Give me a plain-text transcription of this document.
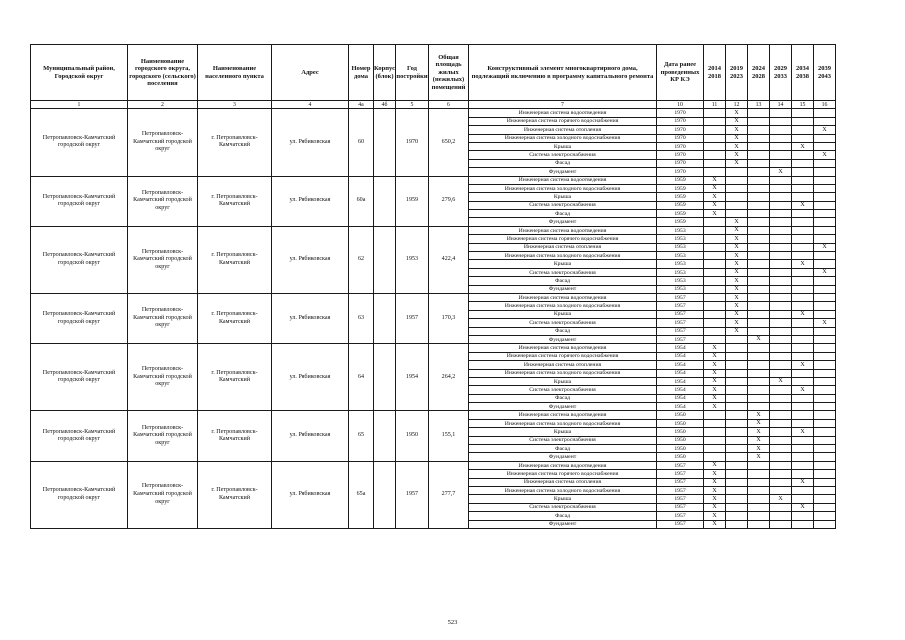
Муниципальный район, Городской округ	Наименование городского округа, городского (сельского) поселения	Наименование населенного пункта	Адрес	Номер дома	Корпус (блок)	Год постройки	Общая площадь жилых (нежилых) помещений	Конструктивный элемент многоквартирного дома, подлежащий включению в программу капитального ремонта	Дата ранее проведенных КР КЭ	2014 2018	2019 2023	2024 2028	2029 2033	2034 2038	2039 2043
1	2	3	4	4а	4б	5	6	7	10	11	12	13	14	15	16
Петропавловск-Камчатский городской округ	Петропавловск-Камчатский городской округ	г. Петропавловск-Камчатский	ул. Рябиковская	60		1970	650,2	Инженерная система водоотведения	1970		X				
								Инженерная система горячего водоснабжения	1970		X				
								Инженерная система отопления	1970		X				X
								Инженерная система холодного водоснабжения	1970		X				
								Крыша	1970		X			X	
								Система электроснабжения	1970		X				X
								Фасад	1970		X				
								Фундамент	1970				X		
Петропавловск-Камчатский городской округ	Петропавловск-Камчатский городской округ	г. Петропавловск-Камчатский	ул. Рябиковская	60а		1959	279,6	Инженерная система водоотведения	1959	X					
								Инженерная система холодного водоснабжения	1959	X					
								Крыша	1959	X					
								Система электроснабжения	1959	X				X	
								Фасад	1959	X					
								Фундамент	1959		X				
Петропавловск-Камчатский городской округ	Петропавловск-Камчатский городской округ	г. Петропавловск-Камчатский	ул. Рябиковская	62		1953	422,4	Инженерная система водоотведения	1953		X				
								Инженерная система горячего водоснабжения	1953		X				
								Инженерная система отопления	1953		X				X
								Инженерная система холодного водоснабжения	1953		X				
								Крыша	1953		X			X	
								Система электроснабжения	1953		X				X
								Фасад	1953		X				
								Фундамент	1953		X				
Петропавловск-Камчатский городской округ	Петропавловск-Камчатский городской округ	г. Петропавловск-Камчатский	ул. Рябиковская	63		1957	170,3	Инженерная система водоотведения	1957		X				
								Инженерная система холодного водоснабжения	1957		X				
								Крыша	1957		X			X	
								Система электроснабжения	1957		X				X
								Фасад	1957		X				
								Фундамент	1957			X			
Петропавловск-Камчатский городской округ	Петропавловск-Камчатский городской округ	г. Петропавловск-Камчатский	ул. Рябиковская	64		1954	264,2	Инженерная система водоотведения	1954	X					
								Инженерная система горячего водоснабжения	1954	X					
								Инженерная система отопления	1954	X				X	
								Инженерная система холодного водоснабжения	1954	X					
								Крыша	1954	X			X		
								Система электроснабжения	1954	X				X	
								Фасад	1954	X					
								Фундамент	1954	X					
Петропавловск-Камчатский городской округ	Петропавловск-Камчатский городской округ	г. Петропавловск-Камчатский	ул. Рябиковская	65		1950	155,1	Инженерная система водоотведения	1950			X			
								Инженерная система холодного водоснабжения	1950			X			
								Крыша	1950			X		X	
								Система электроснабжения	1950			X			
								Фасад	1950			X			
								Фундамент	1950			X			
Петропавловск-Камчатский городской округ	Петропавловск-Камчатский городской округ	г. Петропавловск-Камчатский	ул. Рябиковская	65а		1957	277,7	Инженерная система водоотведения	1957	X					
								Инженерная система горячего водоснабжения	1957	X					
								Инженерная система отопления	1957	X				X	
								Инженерная система холодного водоснабжения	1957	X					
								Крыша	1957	X			X		
								Система электроснабжения	1957	X				X	
								Фасад	1957	X					
								Фундамент	1957	X					
523
